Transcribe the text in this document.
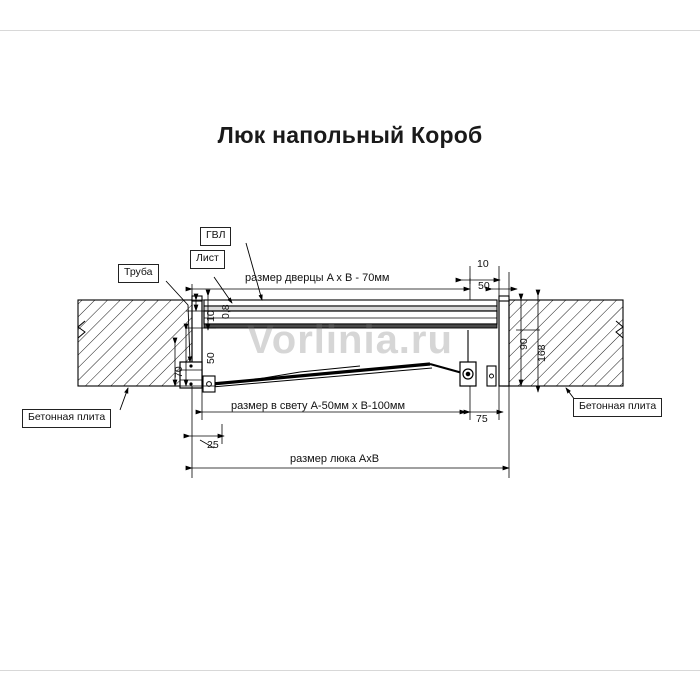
Люк напольный Короб
Труба
Лист
ГВЛ
Бетонная плита
Бетонная плита
размер дверцы A x B - 70мм
размер в свету A-50мм x B-100мм
размер люка AxB
10
50
90
168
10 0,8
50
70
25
75
Vorlinia.ru
